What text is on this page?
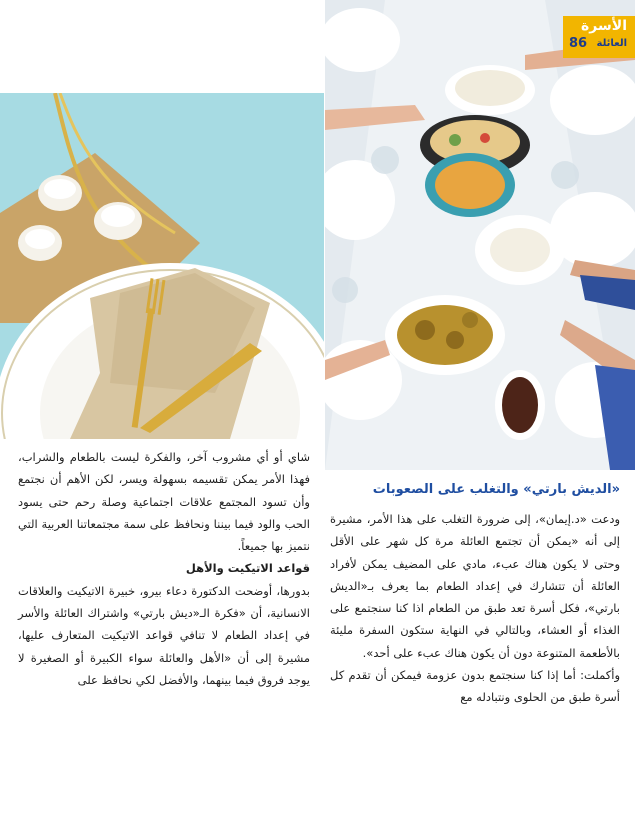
الأسرة
العائلة
86

شاي أو أي مشروب آخر، والفكرة ليست بالطعام والشراب، فهذا الأمر يمكن تقسيمه بسهولة ويسر، لكن الأهم أن نجتمع وأن تسود المجتمع علاقات اجتماعية وصلة رحم حتى يسود الحب والود فيما بيننا ونحافظ على سمة مجتمعاتنا العربية التي نتميز بها جميعاً.

قواعد الاتيكيت والأهل

بدورها، أوضحت الدكتورة دعاء بيرو، خبيرة الاتيكيت والعلاقات الانسانية، أن «فكرة الـ«ديش بارتي» واشتراك العائلة والأسر في إعداد الطعام لا تنافي قواعد الاتيكيت المتعارف عليها، مشيرة إلى أن «الأهل والعائلة سواء الكبيرة أو الصغيرة لا يوجد فروق فيما بينهما، والأفضل لكي نحافظ على

«الديش بارتي» والتغلب على الصعوبات

ودعت «د.إيمان»، إلى ضرورة التغلب على هذا الأمر، مشيرة إلى أنه «يمكن أن تجتمع العائلة مرة كل شهر على الأقل وحتى لا يكون هناك عبء، مادي على المضيف يمكن لأفراد العائلة أن تتشارك في إعداد الطعام بما يعرف بـ«الديش بارتي»، فكل أسرة تعد طبق من الطعام اذا كنا سنجتمع على الغذاء أو العشاء، وبالتالي في النهاية ستكون السفرة مليئة بالأطعمة المتنوعة دون أن يكون هناك عبء على أحد».

وأكملت: أما إذا كنا سنجتمع بدون عزومة فيمكن أن تقدم كل أسرة طبق من الحلوى ونتبادله مع
